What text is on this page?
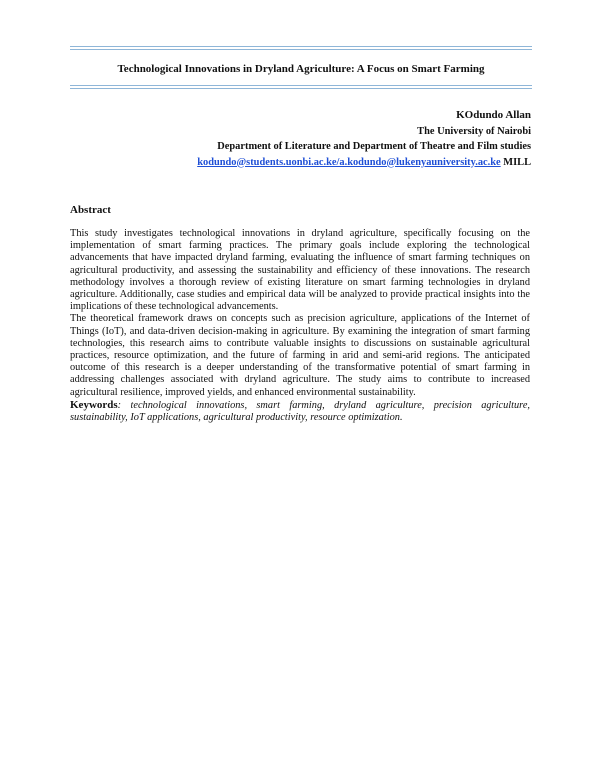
Technological Innovations in Dryland Agriculture: A Focus on Smart Farming
KOdundo Allan
The University of Nairobi
Department of Literature and Department of Theatre and Film studies
kodundo@students.uonbi.ac.ke/a.kodundo@lukenyauniversity.ac.ke MILL
Abstract

This study investigates technological innovations in dryland agriculture, specifically focusing on the implementation of smart farming practices. The primary goals include exploring the technological advancements that have impacted dryland farming, evaluating the influence of smart farming techniques on agricultural productivity, and assessing the sustainability and efficiency of these innovations. The research methodology involves a thorough review of existing literature on smart farming technologies in dryland agriculture. Additionally, case studies and empirical data will be analyzed to provide practical insights into the implications of these technological advancements.

The theoretical framework draws on concepts such as precision agriculture, applications of the Internet of Things (IoT), and data-driven decision-making in agriculture. By examining the integration of smart farming technologies, this research aims to contribute valuable insights to discussions on sustainable agricultural practices, resource optimization, and the future of farming in arid and semi-arid regions. The anticipated outcome of this research is a deeper understanding of the transformative potential of smart farming in addressing challenges associated with dryland agriculture. The study aims to contribute to increased agricultural resilience, improved yields, and enhanced environmental sustainability.

Keywords: technological innovations, smart farming, dryland agriculture, precision agriculture, sustainability, IoT applications, agricultural productivity, resource optimization.
